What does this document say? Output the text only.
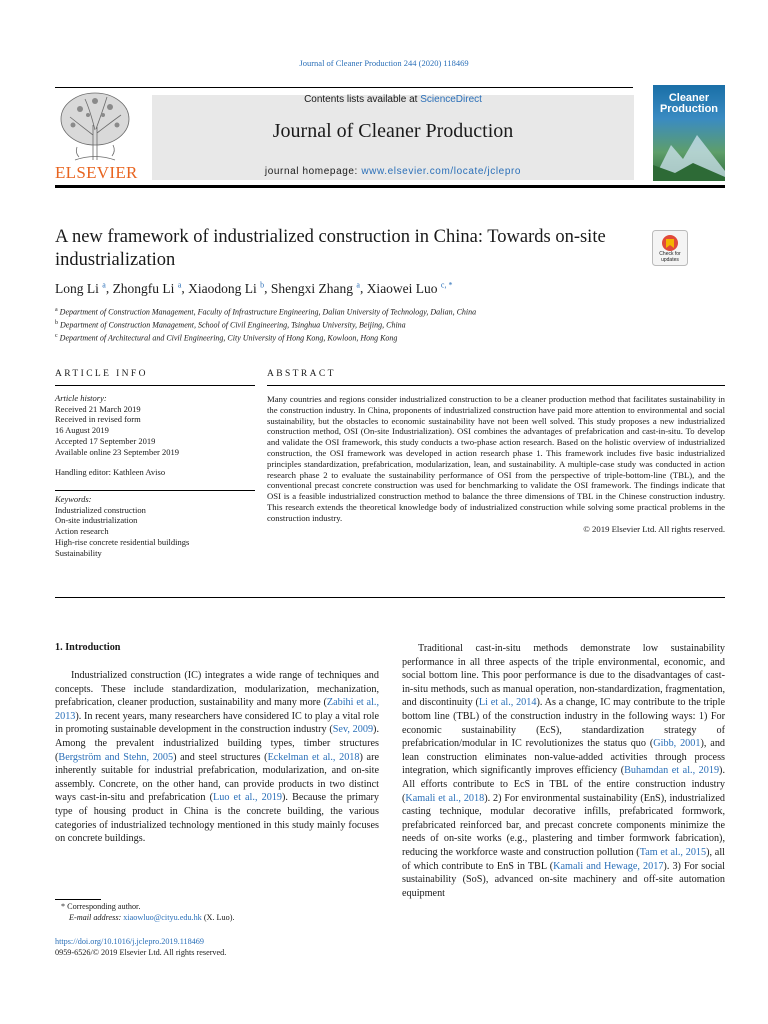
Journal of Cleaner Production 244 (2020) 118469
ELSEVIER
Contents lists available at ScienceDirect
Journal of Cleaner Production
journal homepage: www.elsevier.com/locate/jclepro
Cleaner
Production
A new framework of industrialized construction in China: Towards on-site industrialization	Check for
updates
Long Li $^a$, Zhongfu Li $^a$, Xiaodong Li $^b$, Shengxi Zhang $^a$, Xiaowei Luo $^{c, *}$
$^a$ Department of Construction Management, Faculty of Infrastructure Engineering, Dalian University of Technology, Dalian, China
$^b$ Department of Construction Management, School of Civil Engineering, Tsinghua University, Beijing, China
$^c$ Department of Architectural and Civil Engineering, City University of Hong Kong, Kowloon, Hong Kong
ARTICLE INFO	ABSTRACT
Article history:
Received 21 March 2019
Received in revised form
16 August 2019
Accepted 17 September 2019
Available online 23 September 2019
Handling editor: Kathleen Aviso
Keywords:
Industrialized construction
On-site industrialization
Action research
High-rise concrete residential buildings
Sustainability
Many countries and regions consider industrialized construction to be a cleaner production method that facilitates sustainability in the construction industry. In China, proponents of industrialized construction have paid more attention to environmental and social sustainability, but the obstacles to economic sustainability have not been well solved. This study proposes a new industrialized construction method, OSI (On-site Industrialization). OSI combines the advantages of prefabrication and cast-in-situ. To develop and validate the OSI framework, this study conducts a two-phase action research. Based on the holistic overview of industrialized construction, the OSI framework was developed in action research phase 1. This framework includes five basic industrialized principles standardization, prefabrication, modularization, lean, and sustainability. A multiple-case study was conducted in action research phase 2 to evaluate the sustainability performance of OSI from the perspective of triple-bottom-line (TBL), and the conventional precast concrete construction was used for benchmarking to validate the OSI framework. The findings indicate that OSI is a feasible industrialized construction method to balance the three dimensions of TBL in the Chinese construction industry. This research extends the theoretical knowledge body of industrialized construction while solving some practical problems in the construction industry.
© 2019 Elsevier Ltd. All rights reserved.
1. Introduction
Industrialized construction (IC) integrates a wide range of techniques and concepts. These include standardization, modularization, mechanization, prefabrication, cleaner production, sustainability and many more (Zabihi et al., 2013). In recent years, many researchers have considered IC to play a vital role in promoting sustainable development in the construction industry (Sev, 2009). Among the prevalent industrialized building types, timber structures (Bergström and Stehn, 2005) and steel structures (Eckelman et al., 2018) are inherently suitable for industrial prefabrication, modularization, and on-site assembly. Concrete, on the other hand, can provide products in two distinct ways cast-in-situ and prefabrication (Luo et al., 2019). Because the primary type of housing product in China is the concrete building, the various categories of industrialized technology mentioned in this study mainly focuses on concrete buildings.
Traditional cast-in-situ methods demonstrate low sustainability performance in all three aspects of the triple environmental, economic, and social bottom line. This poor performance is due to the disadvantages of cast-in-situ methods, such as manual operation, non-standardization, fragmentation, and discontinuity (Li et al., 2014). As a change, IC may contribute to the triple bottom line (TBL) of the construction industry in the following ways: 1) For economic sustainability (EcS), standardization strategy of prefabrication/modular in IC revolutionizes the status quo (Gibb, 2001), and lean construction eliminates non-value-added activities through process integration, which significantly improves efficiency (Buhamdan et al., 2019). All efforts contribute to EcS in TBL of the entire construction industry (Kamali et al., 2018). 2) For environmental sustainability (EnS), industrialized casting technique, modular decorative infills, prefabricated formwork, prefabricated reinforced bar, and precast concrete components minimize the needs of on-site works (e.g., plastering and timber formwork fabrication), reducing the workforce waste and construction pollution (Tam et al., 2015), all of which contribute to EnS in TBL (Kamali and Hewage, 2017). 3) For social sustainability (SoS), advanced on-site machinery and off-site automation equipment
* Corresponding author.
E-mail address: xiaowluo@cityu.edu.hk (X. Luo).
https://doi.org/10.1016/j.jclepro.2019.118469
0959-6526/© 2019 Elsevier Ltd. All rights reserved.
